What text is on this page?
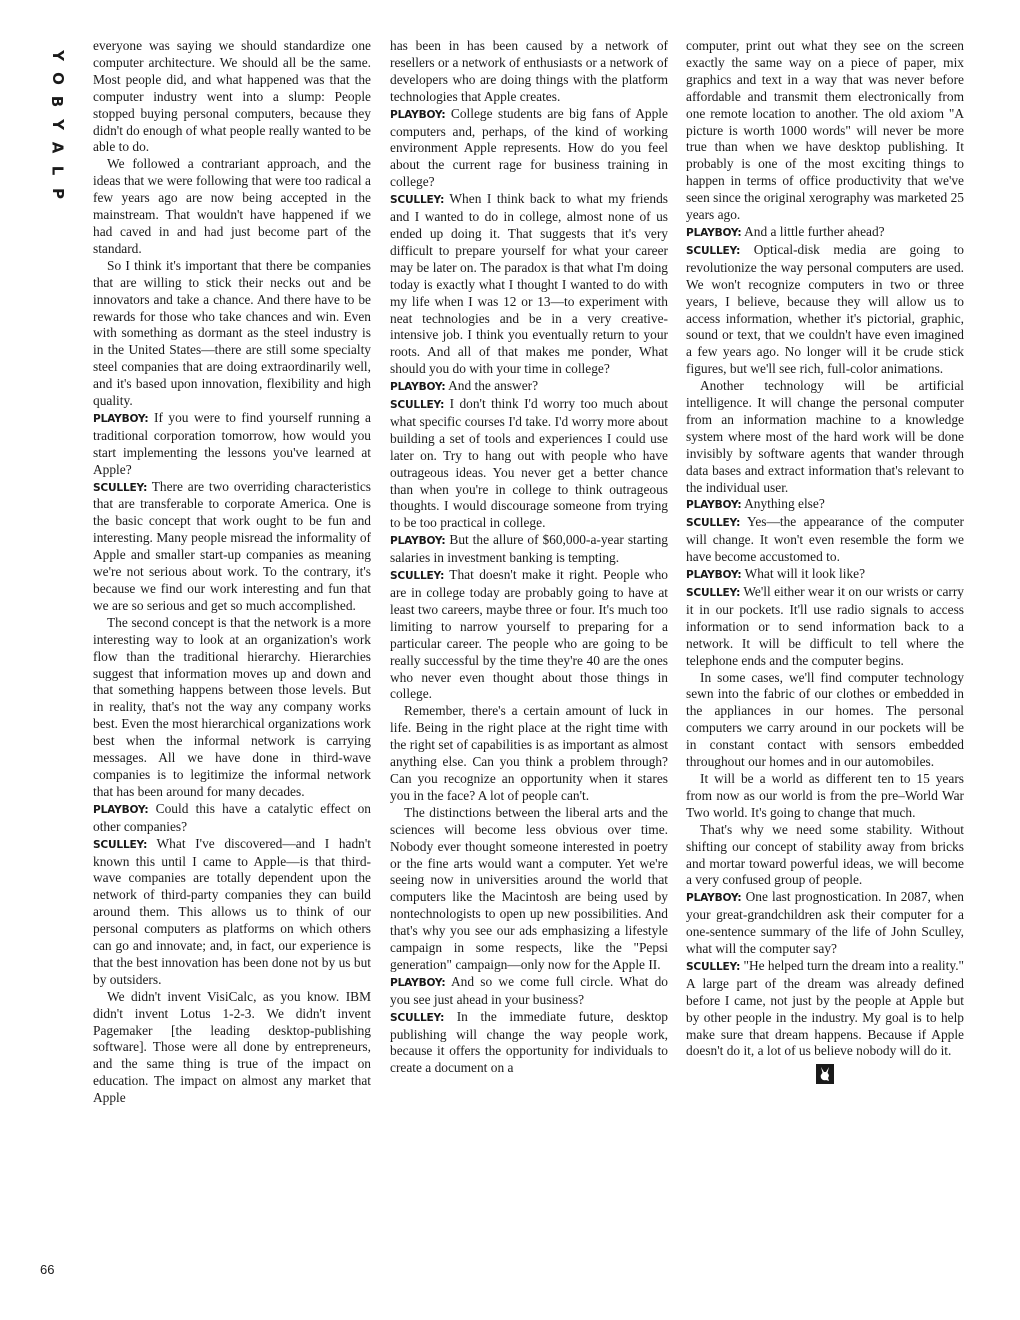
Y
O
B
Y
A
L
P
66

everyone was saying we should standardize one computer architecture. We should all be the same. Most people did, and what happened was that the computer industry went into a slump: People stopped buying personal computers, because they didn't do enough of what people really wanted to be able to do.

We followed a contrariant approach, and the ideas that we were following that were too radical a few years ago are now being accepted in the mainstream. That wouldn't have happened if we had caved in and had just become part of the standard.

So I think it's important that there be companies that are willing to stick their necks out and be innovators and take a chance. And there have to be rewards for those who take chances and win. Even with something as dormant as the steel industry is in the United States—there are still some specialty steel companies that are doing extraordinarily well, and it's based upon innovation, flexibility and high quality.

PLAYBOY: If you were to find yourself running a traditional corporation tomorrow, how would you start implementing the lessons you've learned at Apple?

SCULLEY: There are two overriding characteristics that are transferable to corporate America. One is the basic concept that work ought to be fun and interesting. Many people misread the informality of Apple and smaller start-up companies as meaning we're not serious about work. To the contrary, it's because we find our work interesting and fun that we are so serious and get so much accomplished.

The second concept is that the network is a more interesting way to look at an organization's work flow than the traditional hierarchy. Hierarchies suggest that information moves up and down and that something happens between those levels. But in reality, that's not the way any company works best. Even the most hierarchical organizations work best when the informal network is carrying messages. All we have done in third-wave companies is to legitimize the informal network that has been around for many decades.

PLAYBOY: Could this have a catalytic effect on other companies?

SCULLEY: What I've discovered—and I hadn't known this until I came to Apple—is that third-wave companies are totally dependent upon the network of third-party companies they can build around them. This allows us to think of our personal computers as platforms on which others can go and innovate; and, in fact, our experience is that the best innovation has been done not by us but by outsiders.

We didn't invent VisiCalc, as you know. IBM didn't invent Lotus 1-2-3. We didn't invent Pagemaker [the leading desktop-publishing software]. Those were all done by entrepreneurs, and the same thing is true of the impact on education. The impact on almost any market that Apple

has been in has been caused by a network of resellers or a network of enthusiasts or a network of developers who are doing things with the platform technologies that Apple creates.

PLAYBOY: College students are big fans of Apple computers and, perhaps, of the kind of working environment Apple represents. How do you feel about the current rage for business training in college?

SCULLEY: When I think back to what my friends and I wanted to do in college, almost none of us ended up doing it. That suggests that it's very difficult to prepare yourself for what your career may be later on. The paradox is that what I'm doing today is exactly what I thought I wanted to do with my life when I was 12 or 13—to experiment with neat technologies and be in a very creative-intensive job. I think you eventually return to your roots. And all of that makes me ponder, What should you do with your time in college?

PLAYBOY: And the answer?

SCULLEY: I don't think I'd worry too much about what specific courses I'd take. I'd worry more about building a set of tools and experiences I could use later on. Try to hang out with people who have outrageous ideas. You never get a better chance than when you're in college to think outrageous thoughts. I would discourage someone from trying to be too practical in college.

PLAYBOY: But the allure of $60,000-a-year starting salaries in investment banking is tempting.

SCULLEY: That doesn't make it right. People who are in college today are probably going to have at least two careers, maybe three or four. It's much too limiting to narrow yourself to preparing for a particular career. The people who are going to be really successful by the time they're 40 are the ones who never even thought about those things in college.

Remember, there's a certain amount of luck in life. Being in the right place at the right time with the right set of capabilities is as important as almost anything else. Can you think a problem through? Can you recognize an opportunity when it stares you in the face? A lot of people can't.

The distinctions between the liberal arts and the sciences will become less obvious over time. Nobody ever thought someone interested in poetry or the fine arts would want a computer. Yet we're seeing now in universities around the world that computers like the Macintosh are being used by nontechnologists to open up new possibilities. And that's why you see our ads emphasizing a lifestyle campaign in some respects, like the "Pepsi generation" campaign—only now for the Apple II.

PLAYBOY: And so we come full circle. What do you see just ahead in your business?

SCULLEY: In the immediate future, desktop publishing will change the way people work, because it offers the opportunity for individuals to create a document on a

computer, print out what they see on the screen exactly the same way on a piece of paper, mix graphics and text in a way that was never before affordable and transmit them electronically from one remote location to another. The old axiom "A picture is worth 1000 words" will never be more true than when we have desktop publishing. It probably is one of the most exciting things to happen in terms of office productivity that we've seen since the original xerography was marketed 25 years ago.

PLAYBOY: And a little further ahead?

SCULLEY: Optical-disk media are going to revolutionize the way personal computers are used. We won't recognize computers in two or three years, I believe, because they will allow us to access information, whether it's pictorial, graphic, sound or text, that we couldn't have even imagined a few years ago. No longer will it be crude stick figures, but we'll see rich, full-color animations.

Another technology will be artificial intelligence. It will change the personal computer from an information machine to a knowledge system where most of the hard work will be done invisibly by software agents that wander through data bases and extract information that's relevant to the individual user.

PLAYBOY: Anything else?

SCULLEY: Yes—the appearance of the computer will change. It won't even resemble the form we have become accustomed to.

PLAYBOY: What will it look like?

SCULLEY: We'll either wear it on our wrists or carry it in our pockets. It'll use radio signals to access information or to send information back to a network. It will be difficult to tell where the telephone ends and the computer begins.

In some cases, we'll find computer technology sewn into the fabric of our clothes or embedded in the appliances in our homes. The personal computers we carry around in our pockets will be in constant contact with sensors embedded throughout our homes and in our automobiles.

It will be a world as different ten to 15 years from now as our world is from the pre–World War Two world. It's going to change that much.

That's why we need some stability. Without shifting our concept of stability away from bricks and mortar toward powerful ideas, we will become a very confused group of people.

PLAYBOY: One last prognostication. In 2087, when your great-grandchildren ask their computer for a one-sentence summary of the life of John Sculley, what will the computer say?

SCULLEY: "He helped turn the dream into a reality." A large part of the dream was already defined before I came, not just by the people at Apple but by other people in the industry. My goal is to help make sure that dream happens. Because if Apple doesn't do it, a lot of us believe nobody will do it.
